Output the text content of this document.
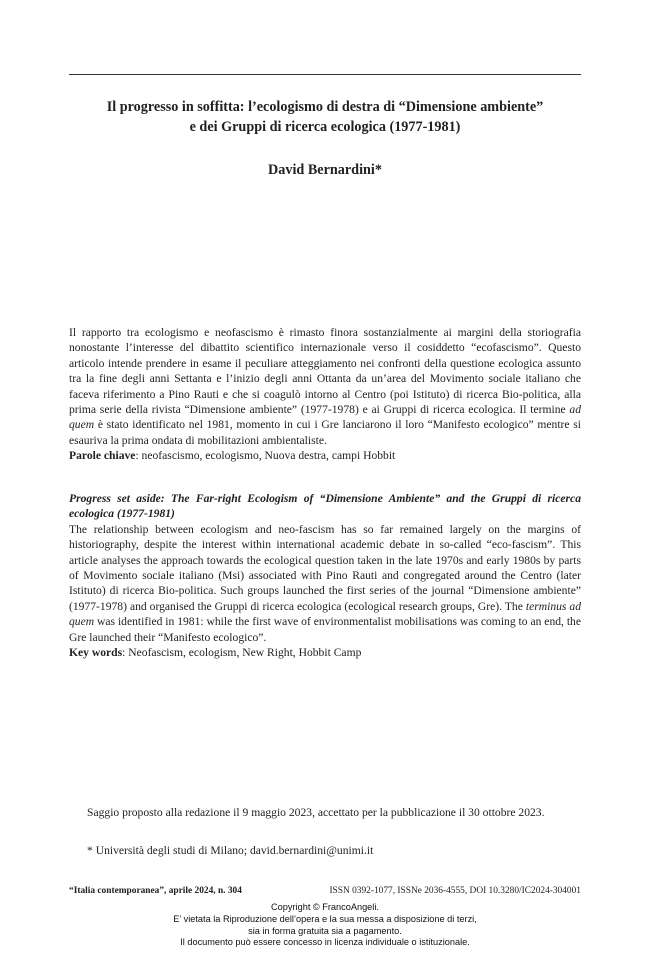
Il progresso in soffitta: l’ecologismo di destra di “Dimensione ambiente”
e dei Gruppi di ricerca ecologica (1977-1981)

David Bernardini*

Il rapporto tra ecologismo e neofascismo è rimasto finora sostanzialmente ai margini della storiografia nonostante l’interesse del dibattito scientifico internazionale verso il cosiddetto “ecofascismo”. Questo articolo intende prendere in esame il peculiare atteggiamento nei confronti della questione ecologica assunto tra la fine degli anni Settanta e l’inizio degli anni Ottanta da un’area del Movimento sociale italiano che faceva riferimento a Pino Rauti e che si coagulò intorno al Centro (poi Istituto) di ricerca Bio-politica, alla prima serie della rivista “Dimensione ambiente” (1977-1978) e ai Gruppi di ricerca ecologica. Il termine ad quem è stato identificato nel 1981, momento in cui i Gre lanciarono il loro “Manifesto ecologico” mentre si esauriva la prima ondata di mobilitazioni ambientaliste.

Parole chiave: neofascismo, ecologismo, Nuova destra, campi Hobbit

Progress set aside: The Far-right Ecologism of “Dimensione Ambiente” and the Gruppi di ricerca ecologica (1977-1981)

The relationship between ecologism and neo-fascism has so far remained largely on the margins of historiography, despite the interest within international academic debate in so-called “eco-fascism”. This article analyses the approach towards the ecological question taken in the late 1970s and early 1980s by parts of Movimento sociale italiano (Msi) associated with Pino Rauti and congregated around the Centro (later Istituto) di ricerca Bio-politica. Such groups launched the first series of the journal “Dimensione ambiente” (1977-1978) and organised the Gruppi di ricerca ecologica (ecological research groups, Gre). The terminus ad quem was identified in 1981: while the first wave of environmentalist mobilisations was coming to an end, the Gre launched their “Manifesto ecologico”.

Key words: Neofascism, ecologism, New Right, Hobbit Camp

Saggio proposto alla redazione il 9 maggio 2023, accettato per la pubblicazione il 30 ottobre 2023.

* Università degli studi di Milano; david.bernardini@unimi.it

“Italia contemporanea”, aprile 2024, n. 304	ISSN 0392-1077, ISSNe 2036-4555, DOI 10.3280/IC2024-304001
Copyright © FrancoAngeli.
E’ vietata la Riproduzione dell’opera e la sua messa a disposizione di terzi,
sia in forma gratuita sia a pagamento.
Il documento può essere concesso in licenza individuale o istituzionale.
